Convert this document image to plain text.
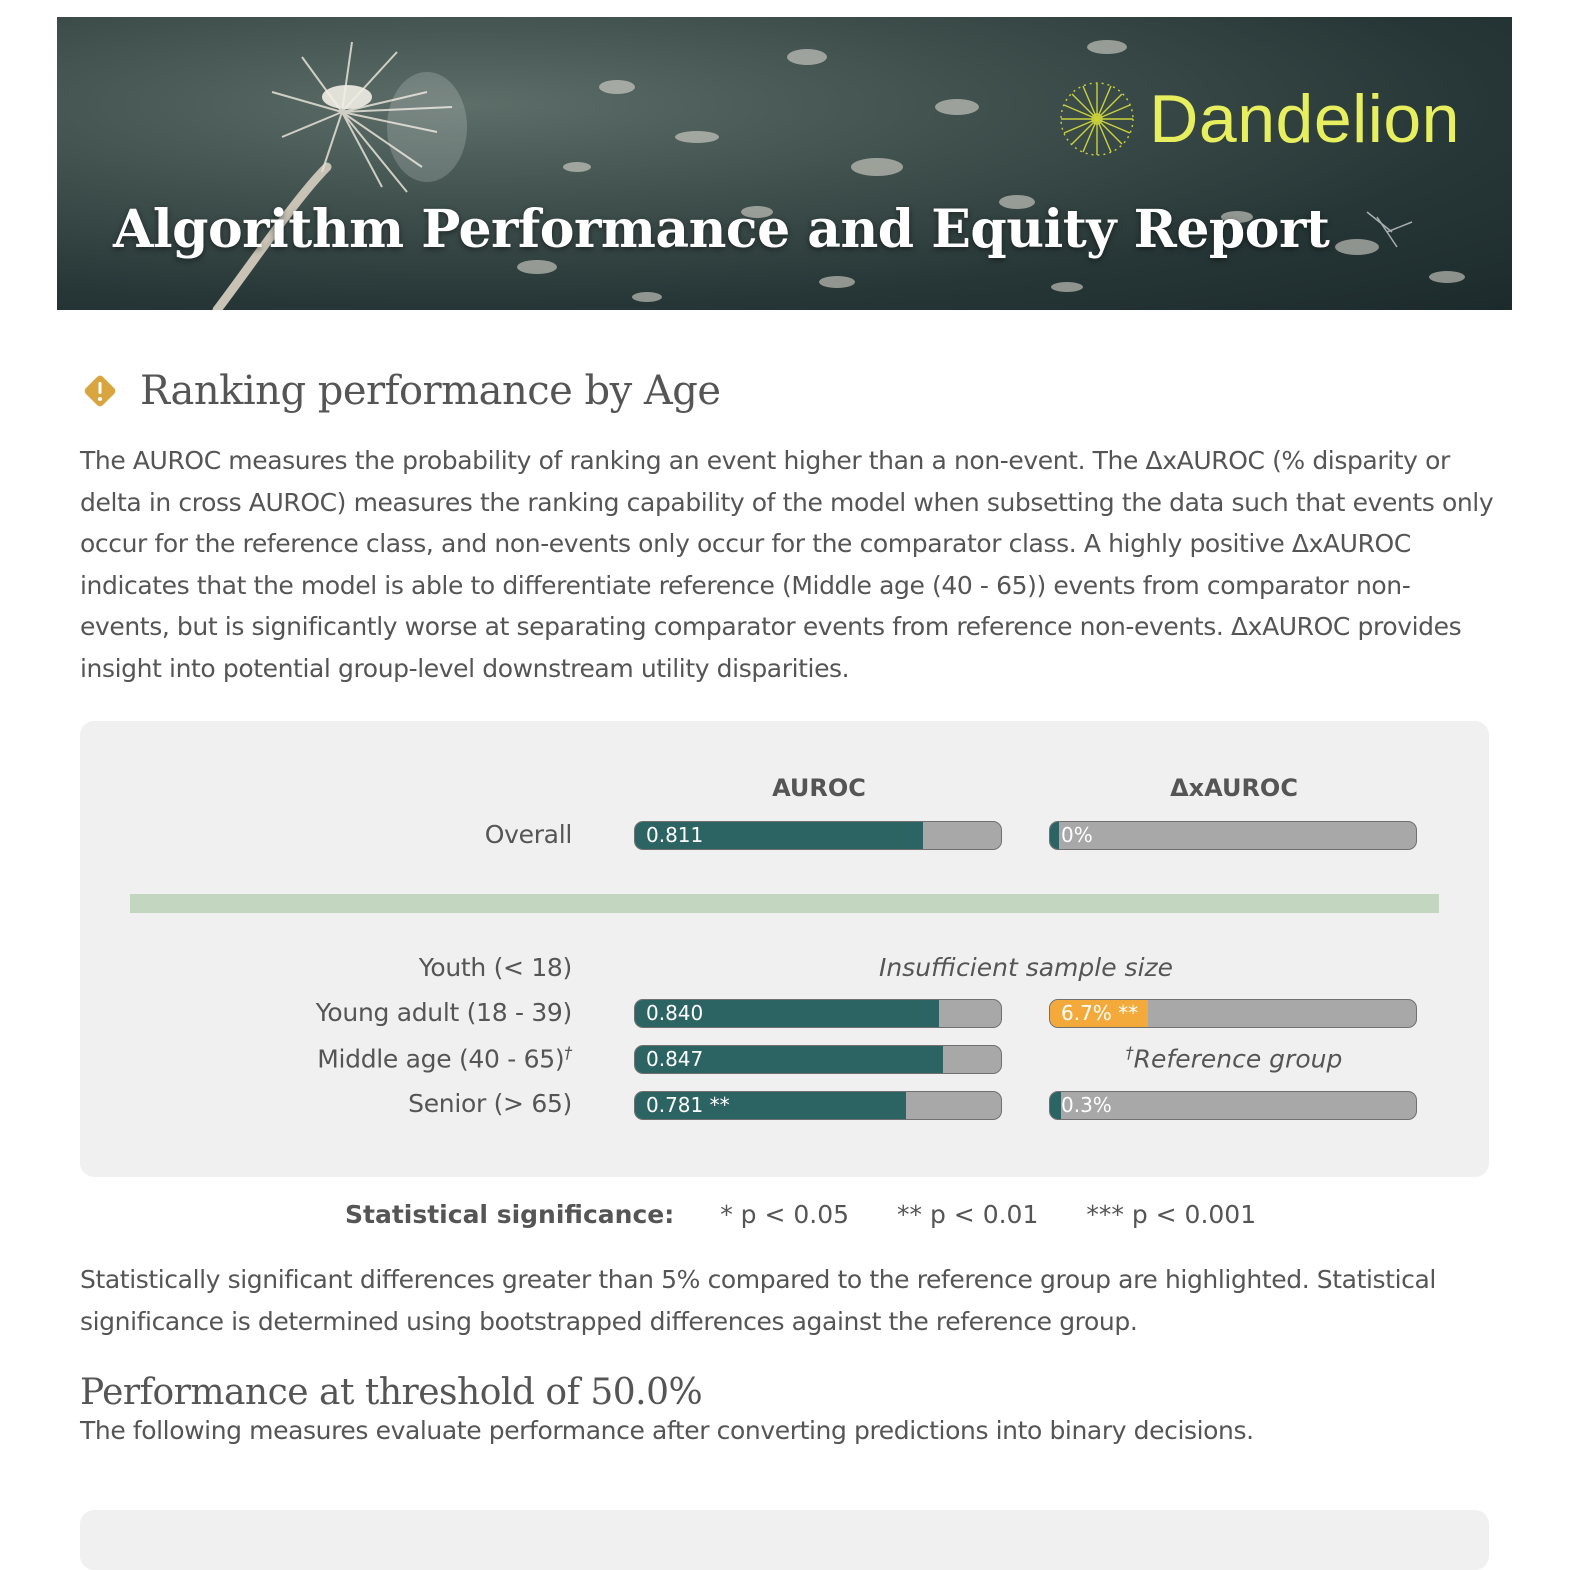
Dandelion
Algorithm Performance and Equity Report
Ranking performance by Age
The AUROC measures the probability of ranking an event higher than a non-event. The ΔxAUROC (% disparity or delta in cross AUROC) measures the ranking capability of the model when subsetting the data such that events only occur for the reference class, and non-events only occur for the comparator class. A highly positive ΔxAUROC indicates that the model is able to differentiate reference (Middle age (40 - 65)) events from comparator non-events, but is significantly worse at separating comparator events from reference non-events. ΔxAUROC provides insight into potential group-level downstream utility disparities.
AUROC	ΔxAUROC
Overall	0.811	0%
Youth (< 18)	Insufficient sample size
Young adult (18 - 39)	0.840	6.7% **
Middle age (40 - 65)†	0.847	†Reference group
Senior (> 65)	0.781 **	0.3%
Statistical significance: * p < 0.05 ** p < 0.01 *** p < 0.001
Statistically significant differences greater than 5% compared to the reference group are highlighted. Statistical significance is determined using bootstrapped differences against the reference group.
Performance at threshold of 50.0%
The following measures evaluate performance after converting predictions into binary decisions.
